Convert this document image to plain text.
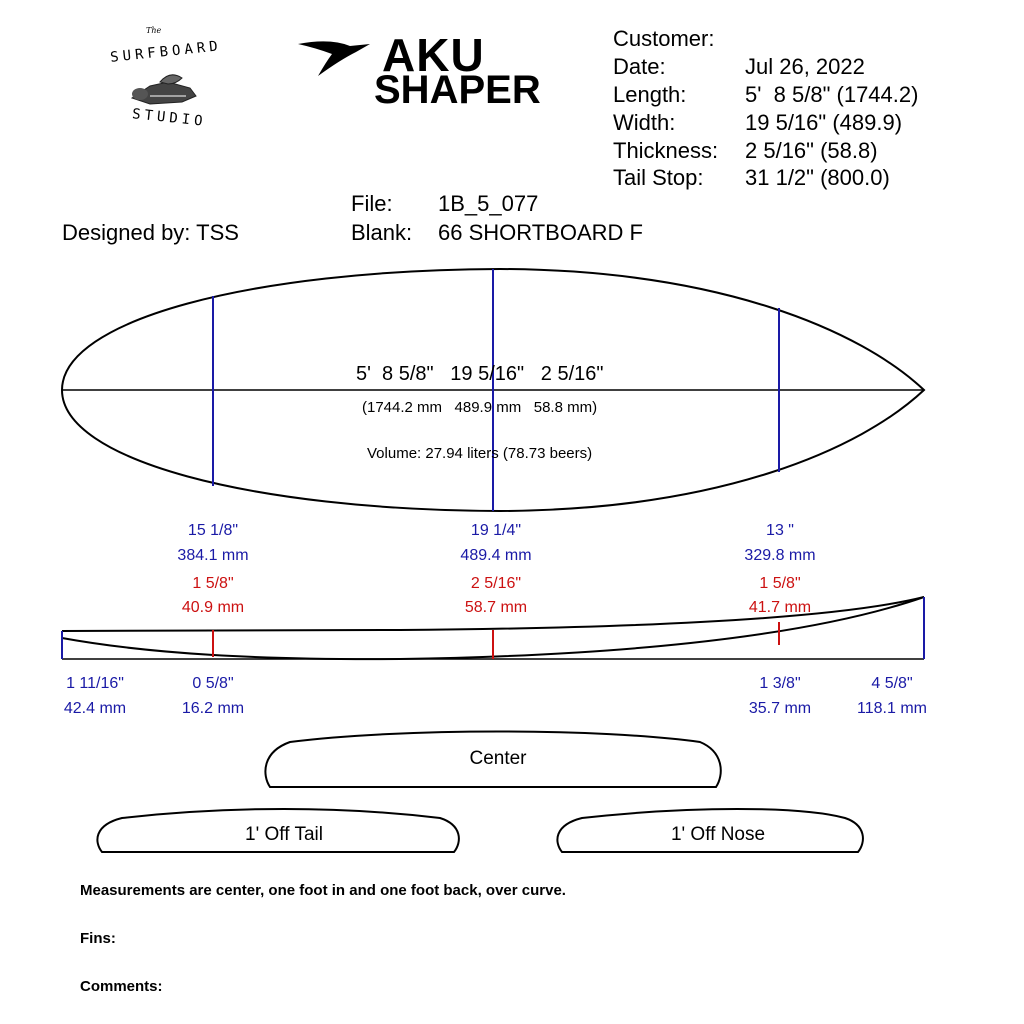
The
SURFBOARD
STUDIO
AKU
SHAPER
Customer:
Date:	Jul 26, 2022
Length:	5'  8 5/8" (1744.2)
Width:	19 5/16" (489.9)
Thickness: 2 5/16" (58.8)
Tail Stop: 31 1/2" (800.0)
File: 1B_5_077
Blank: 66 SHORTBOARD F
Designed by: TSS
5'  8 5/8"   19 5/16"   2 5/16"
(1744.2 mm   489.9 mm   58.8 mm)
Volume: 27.94 liters (78.73 beers)
15 1/8"
384.1 mm
19 1/4"
489.4 mm
13 "
329.8 mm
1 5/8"
40.9 mm
2 5/16"
58.7 mm
1 5/8"
41.7 mm
1 11/16"
42.4 mm
0 5/8"
16.2 mm
1 3/8"
35.7 mm
4 5/8"
118.1 mm
Center
1' Off Tail	1' Off Nose
Measurements are center, one foot in and one foot back, over curve.
Fins:
Comments:
